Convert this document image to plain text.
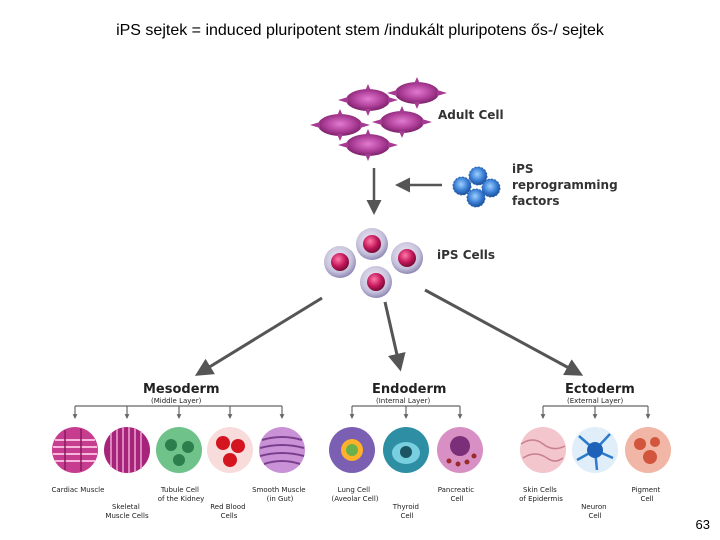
iPS sejtek = induced pluripotent stem /indukált pluripotens ős-/ sejtek
Adult Cell
iPS reprogramming factors
iPS Cells
Mesoderm
(Middle Layer)
Endoderm
(Internal Layer)
Ectoderm
(External Layer)
Cardiac Muscle
Skeletal Muscle Cells
Tubule Cell of the Kidney
Red Blood Cells
Smooth Muscle (in Gut)
Lung Cell (Aveolar Cell)
Thyroid Cell
Pancreatic Cell
Skin Cells of Epidermis
Neuron Cell
Pigment Cell
63
